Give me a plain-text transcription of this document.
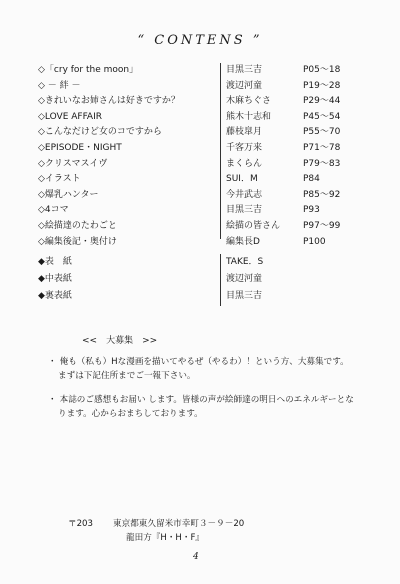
“ CONTENS ”
◇「cry for the moon」	目黒三吉	P05〜18
◇ － 絆 －	渡辺河童	P19〜28
◇きれいなお姉さんは好きですか？	木麻ちぐさ	P29〜44
◇LOVE AFFAIR	熊木十志和	P45〜54
◇こんなだけど女のコですから	藤枝皐月	P55〜70
◇EPISODE・NIGHT	千客万来	P71〜78
◇クリスマスイヴ	まくらん	P79〜83
◇イラスト	SUI．M	P84
◇爆乳ハンター	今井武志	P85〜92
◇4コマ	目黒三吉	P93
◇絵描達のたわごと	絵描の皆さん	P97〜99
◇編集後記・奥付け	編集長D	P100
◆表　紙	TAKE．S
◆中表紙	渡辺河童
◆裏表紙	目黒三吉

・ 俺も（私も）Hな漫画を描いてやるぜ（やるわ）！という方、大募集です。
まずは下記住所までご一報下さい。

・ 本誌のご感想もお届い します。皆様の声が絵師達の明日へのエネルギーとな
ります。心からおまちしております。

<<　大募集　>>
〒203 東京都東久留米市幸町３－９－20
龍田方『H・H・F』
4
